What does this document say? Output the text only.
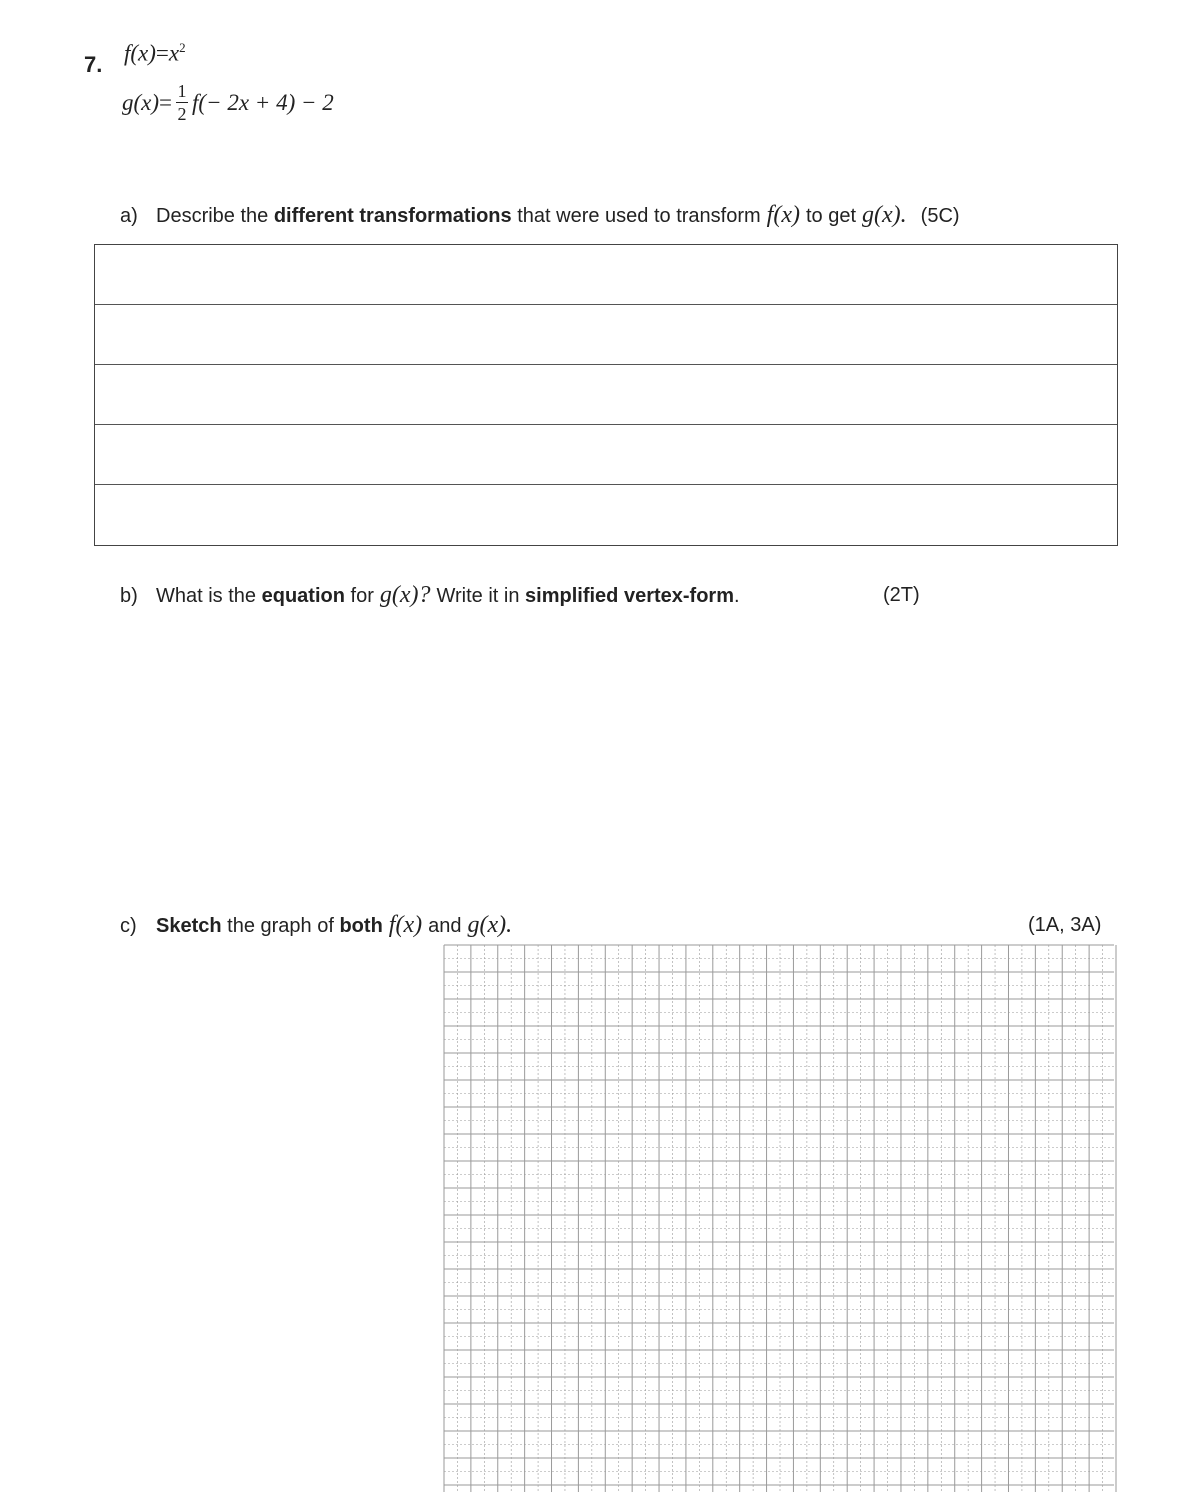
7. $f(x)=x^2$
$g(x) = \frac{1}{2} f(- 2x + 4) - 2$
a) Describe the
different transformations
that were used to transform f(x) to get g(x). (5C)
b) What is the
equation
for g(x)? Write it in
simplified vertex-form .	(2T)
c) Sketch
the graph of
both f(x) and g(x).	(1A, 3A)
